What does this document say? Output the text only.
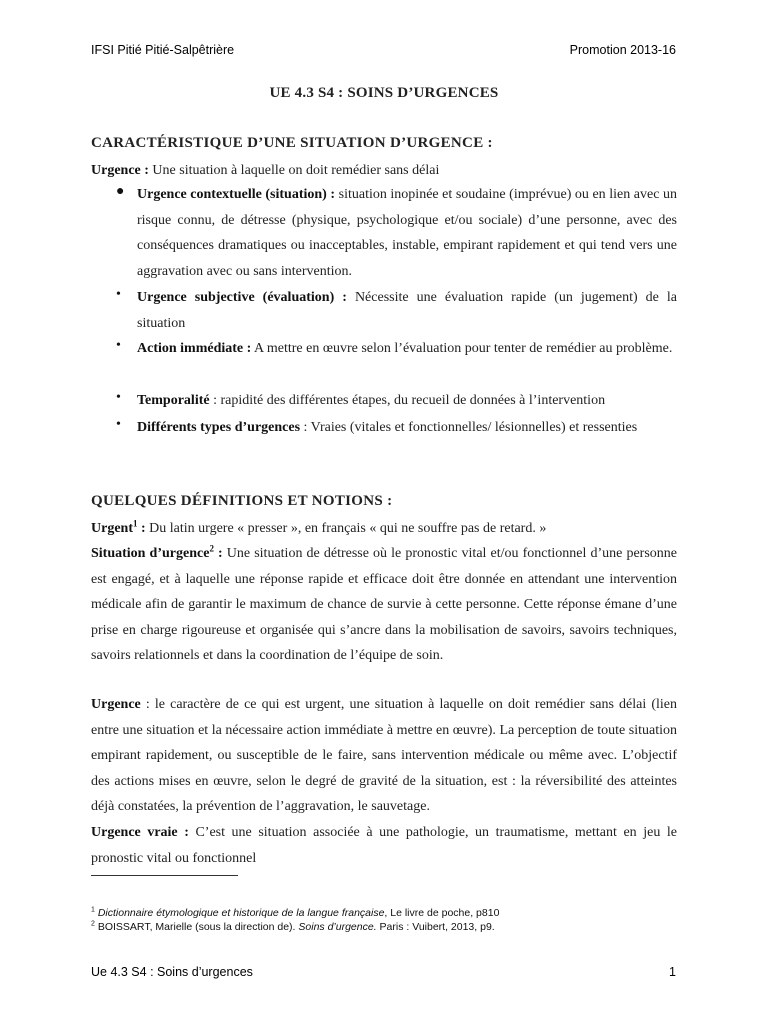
IFSI Pitié Pitié-Salpêtrière	Promotion 2013-16
UE 4.3 S4 : SOINS D’URGENCES
CARACTÉRISTIQUE D’UNE SITUATION D’URGENCE :
Urgence : Une situation à laquelle on doit remédier sans délai
● Urgence contextuelle (situation) : situation inopinée et soudaine (imprévue) ou en lien avec un risque connu, de détresse (physique, psychologique et/ou sociale) d’une personne, avec des conséquences dramatiques ou inacceptables, instable, empirant rapidement et qui tend vers une aggravation avec ou sans intervention.
• Urgence subjective (évaluation) : Nécessite une évaluation rapide (un jugement) de la situation
• Action immédiate : A mettre en œuvre selon l’évaluation pour tenter de remédier au problème.
• Temporalité : rapidité des différentes étapes, du recueil de données à l’intervention
• Différents types d’urgences : Vraies (vitales et fonctionnelles/ lésionnelles) et ressenties
QUELQUES DÉFINITIONS ET NOTIONS :
Urgent$^1$ : Du latin urgere « presser », en français « qui ne souffre pas de retard. »
Situation d’urgence$^2$ : Une situation de détresse où le pronostic vital et/ou fonctionnel d’une personne est engagé, et à laquelle une réponse rapide et efficace doit être donnée en attendant une intervention médicale afin de garantir le maximum de chance de survie à cette personne. Cette réponse émane d’une prise en charge rigoureuse et organisée qui s’ancre dans la mobilisation de savoirs, savoirs techniques, savoirs relationnels et dans la coordination de l’équipe de soin.
Urgence : le caractère de ce qui est urgent, une situation à laquelle on doit remédier sans délai (lien entre une situation et la nécessaire action immédiate à mettre en œuvre). La perception de toute situation empirant rapidement, ou susceptible de le faire, sans intervention médicale ou même avec. L’objectif des actions mises en œuvre, selon le degré de gravité de la situation, est : la réversibilité des atteintes déjà constatées, la prévention de l’aggravation, le sauvetage.
Urgence vraie : C’est une situation associée à une pathologie, un traumatisme, mettant en jeu le pronostic vital ou fonctionnel
$^1$ Dictionnaire étymologique et historique de la langue française, Le livre de poche, p810
$^2$ BOISSART, Marielle (sous la direction de). Soins d’urgence. Paris : Vuibert, 2013, p9.
Ue 4.3 S4 : Soins d’urgences	1
